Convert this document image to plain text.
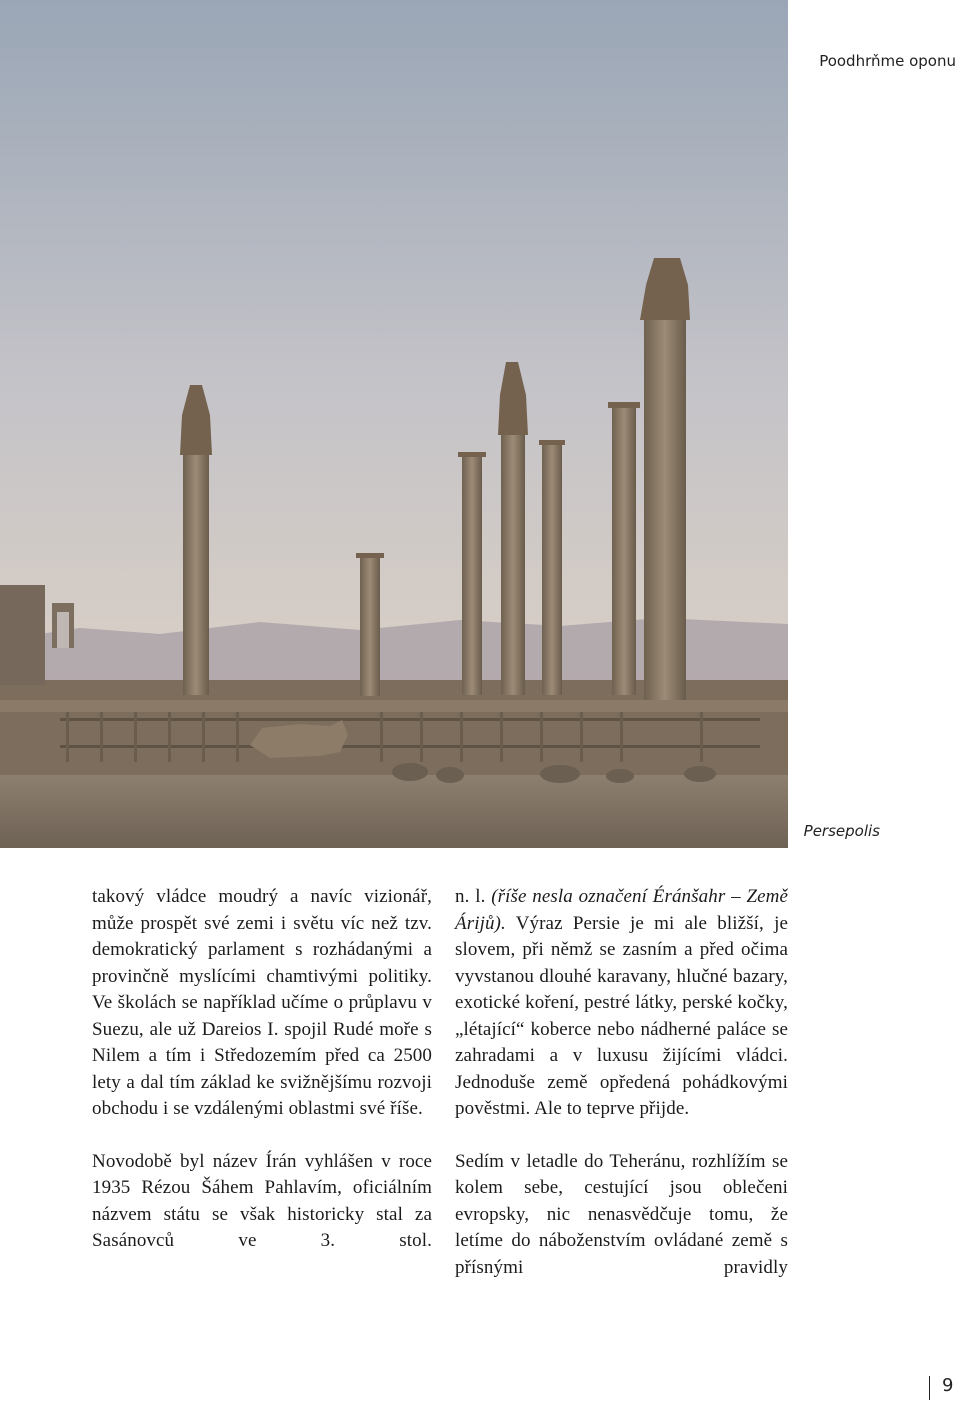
Poodhrňme oponu
Persepolis

takový vládce moudrý a navíc vizionář, může prospět své zemi i světu víc než tzv. demokratický parlament s rozhádanými a provinčně myslícími chamtivými politiky. Ve školách se například učíme o průplavu v Suezu, ale už Dareios I. spojil Rudé moře s Nilem a tím i Středozemím před ca 2500 lety a dal tím základ ke svižnějšímu rozvoji obchodu i se vzdálenými oblastmi své říše.

Novodobě byl název Írán vyhlášen v roce 1935 Rézou Šáhem Pahlavím, oficiálním názvem státu se však historicky stal za Sasánovců ve 3. stol.

n. l. (říše nesla označení Éránšahr – Země Árijů). Výraz Persie je mi ale bližší, je slovem, při němž se zasním a před očima vyvstanou dlouhé karavany, hlučné bazary, exotické koření, pestré látky, perské kočky, „létající“ koberce nebo nádherné paláce se zahradami a v luxusu žijícími vládci. Jednoduše země opředená pohádkovými pověstmi. Ale to teprve přijde.

Sedím v letadle do Teheránu, rozhlížím se kolem sebe, cestující jsou oblečeni evropsky, nic nenasvědčuje tomu, že letíme do náboženstvím ovládané země s přísnými pravidly

9
